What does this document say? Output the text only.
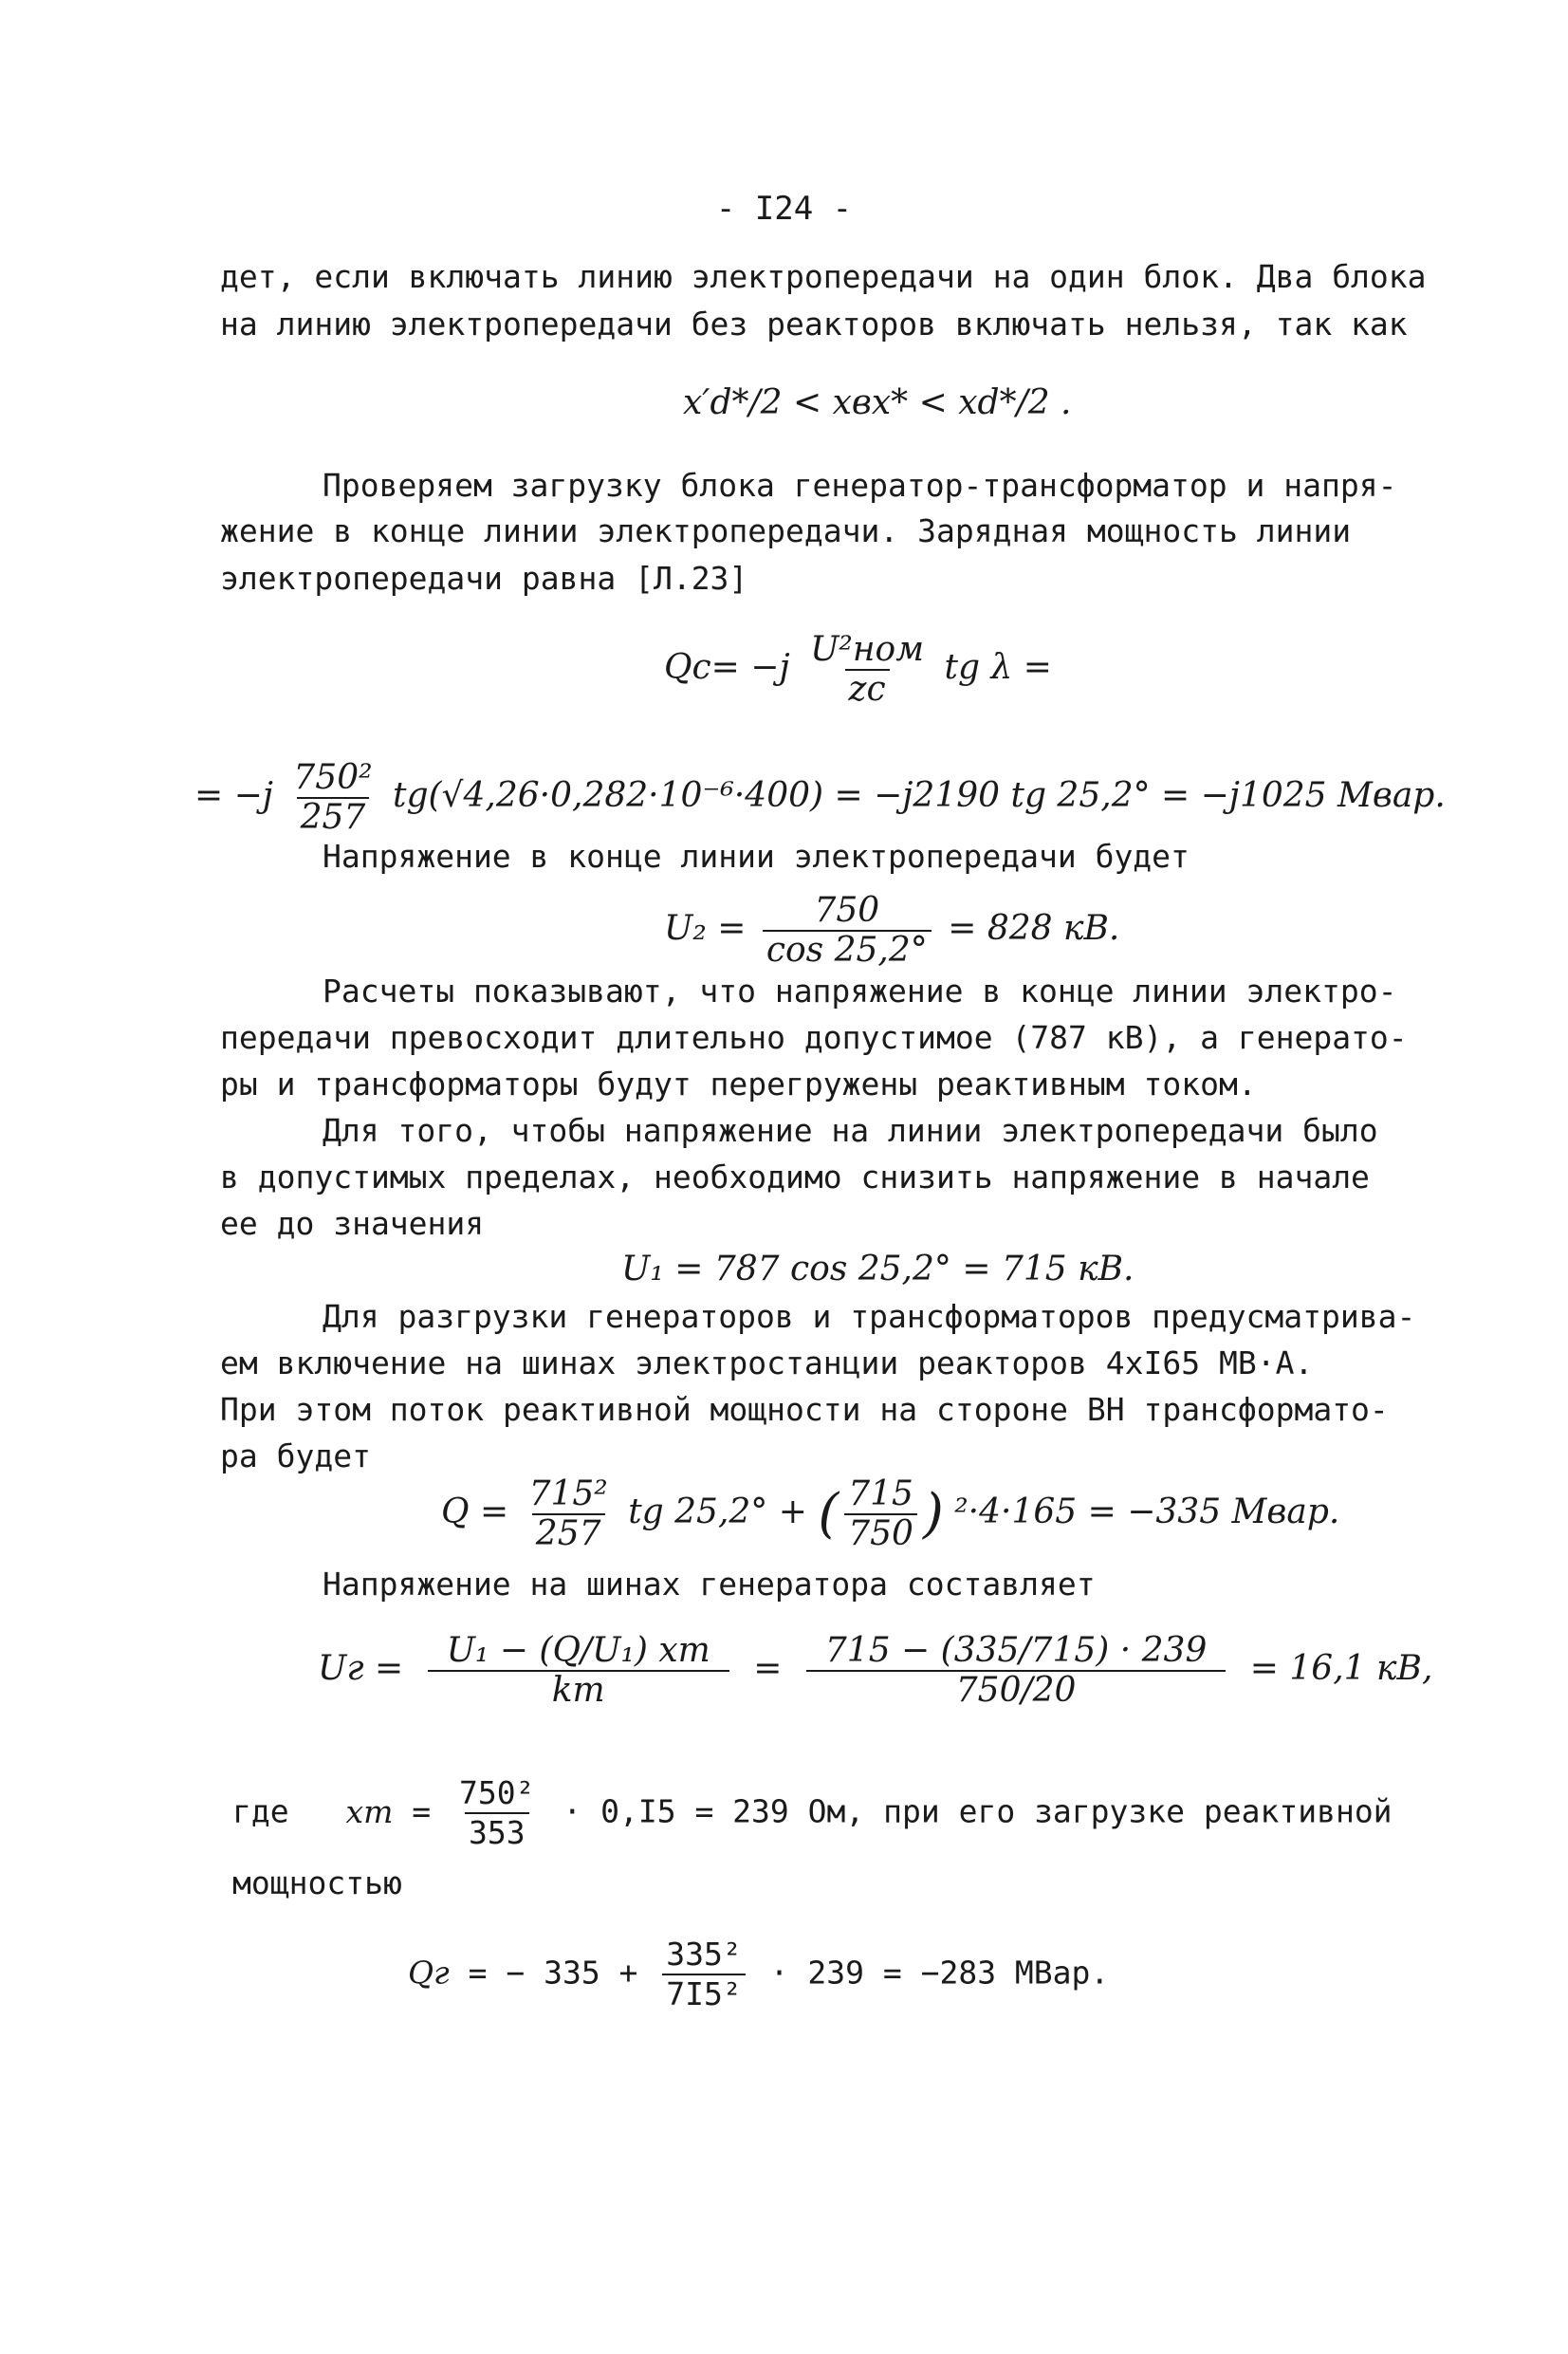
- I24 -
дет, если включать линию электропередачи на один блок. Два блока
на линию электропередачи без реакторов включать нельзя, так как
x′d*/2 < xвх* < xd*/2 .
Проверяем загрузку блока генератор-трансформатор и напря-
жение в конце линии электропередачи. Зарядная мощность линии
электропередачи равна [Л.23]
$Qc= -j \frac{\text{U²ном}}{zc}$ tg λ =
= $-j \frac{\text{750²}}{257} tg(√4,26\cdot 0,282\cdot 10^{-6}\cdot 400) = -j2190$ tg 25,2° = −j1025 Мвар.
Напряжение в конце линии электропередачи будет
$U_2 = \frac{750}{\cos 25,2^\circ} = 828$ кВ.
Расчеты показывают, что напряжение в конце линии электро-
передачи превосходит длительно допустимое (787 кВ), а генерато-
ры и трансформаторы будут перегружены реактивным током.
Для того, чтобы напряжение на линии электропередачи было
в допустимых пределах, необходимо снизить напряжение в начале
ее до значения
U₁ = 787 cos 25,2° = 715 кВ.
Для разгрузки генераторов и трансформаторов предусматрива-
ем включение на шинах электростанции реакторов 4хI65 МВ·А.
При этом поток реактивной мощности на стороне ВН трансформато-
ра будет
$Q = \frac{\text{715²}}{257}$ tg 25,2° + ( $\frac{715}{750}$ ) ²·4·165 = −335 Мвар.
Напряжение на шинах генератора составляет
Uг = $\frac{\text{U₁ − (Q/U₁) xт}}{kт} = \frac{715 - (335/715) \cdot 239}{750/20} = 16,1$ кВ,
где xт = $\frac{\text{750²}}{353} \cdot 0,I5 = 239$ Ом, при его загрузке реактивной
мощностью
Qг = − $335 + \frac{\text{335²}}{\text{7I5²}} \cdot 239 = -283$ МВар.
